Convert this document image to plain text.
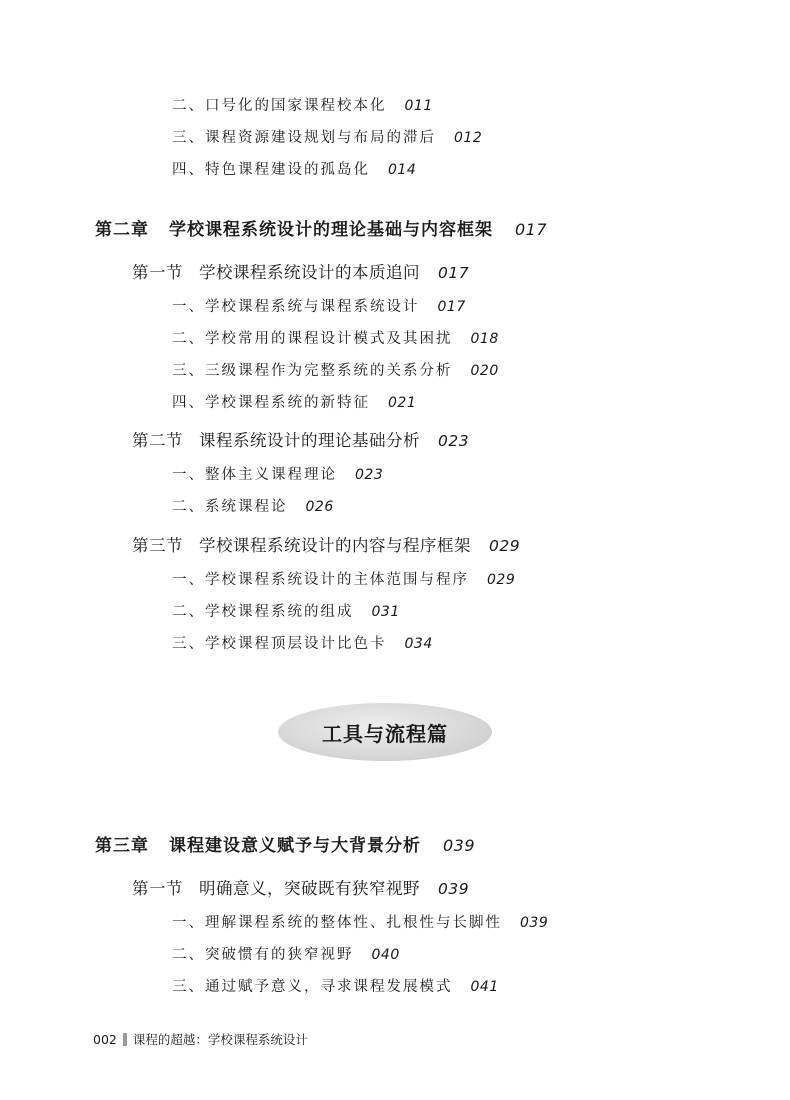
二、口号化的国家课程校本化 011
三、课程资源建设规划与布局的滞后 012
四、特色课程建设的孤岛化 014
第二章 学校课程系统设计的理论基础与内容框架 017
第一节 学校课程系统设计的本质追问 017
一、学校课程系统与课程系统设计 017
二、学校常用的课程设计模式及其困扰 018
三、三级课程作为完整系统的关系分析 020
四、学校课程系统的新特征 021
第二节 课程系统设计的理论基础分析 023
一、整体主义课程理论 023
二、系统课程论 026
第三节 学校课程系统设计的内容与程序框架 029
一、学校课程系统设计的主体范围与程序 029
二、学校课程系统的组成 031
三、学校课程顶层设计比色卡 034
工具与流程篇
第三章 课程建设意义赋予与大背景分析 039
第一节 明确意义，突破既有狭窄视野 039
一、理解课程系统的整体性、扎根性与长脚性 039
二、突破惯有的狭窄视野 040
三、通过赋予意义，寻求课程发展模式 041
002 课程的超越：学校课程系统设计
